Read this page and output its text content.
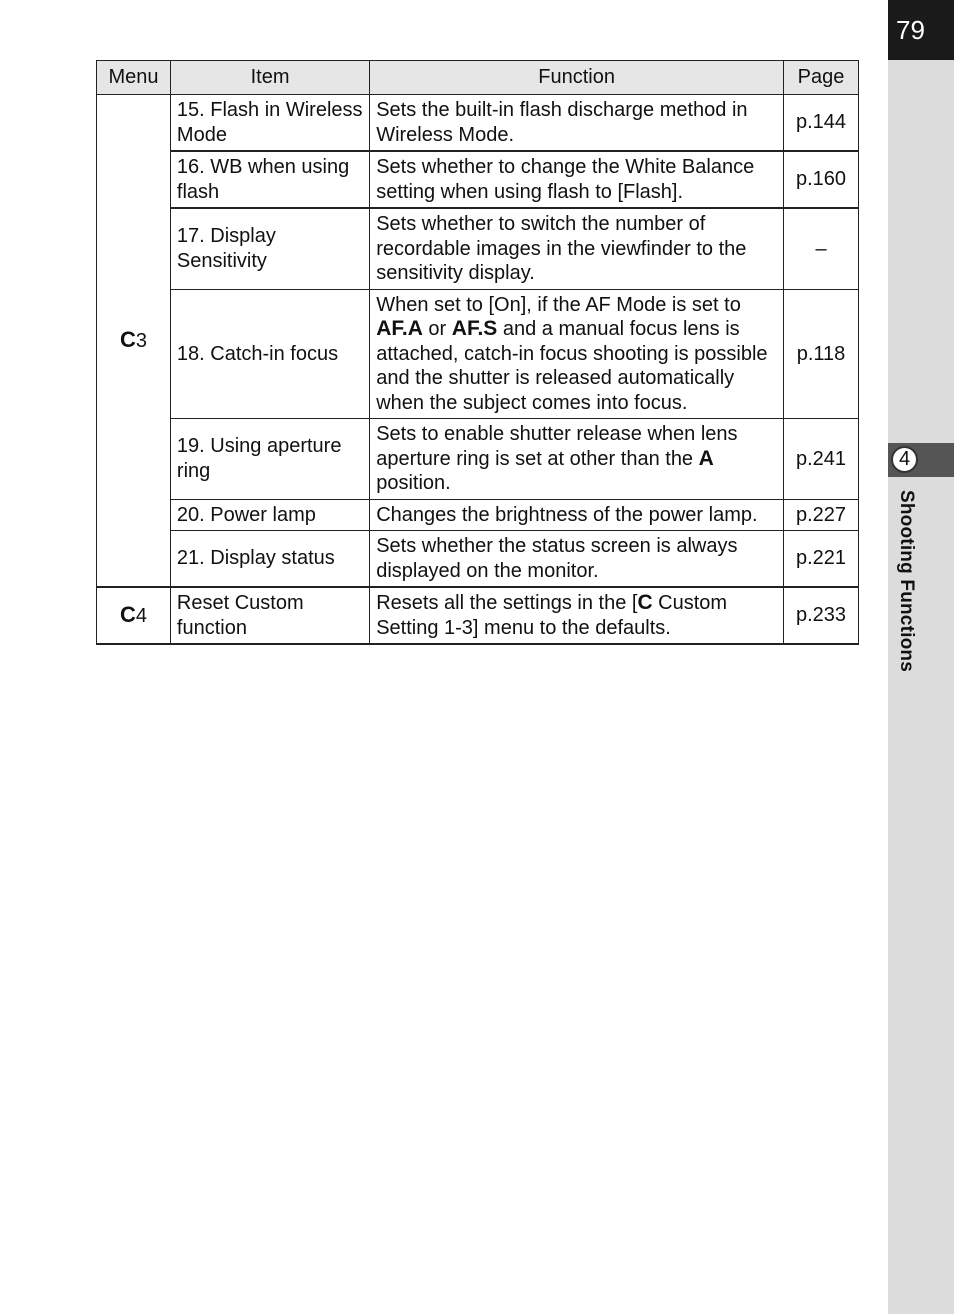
79
4
Shooting Functions
Menu	Item	Function	Page
C3	15. Flash in Wireless Mode	Sets the built-in flash discharge method in Wireless Mode.	p.144
	16. WB when using flash	Sets whether to change the White Balance setting when using flash to [Flash].	p.160
	17. Display Sensitivity	Sets whether to switch the number of recordable images in the viewfinder to the sensitivity display.	–
	18. Catch-in focus	When set to [On], if the AF Mode is set to AF.A or AF.S and a manual focus lens is attached, catch-in focus shooting is possible and the shutter is released automatically when the subject comes into focus.	p.118
	19. Using aperture ring	Sets to enable shutter release when lens aperture ring is set at other than the A position.	p.241
	20. Power lamp	Changes the brightness of the power lamp.	p.227
	21. Display status	Sets whether the status screen is always displayed on the monitor.	p.221
C4	Reset Custom function	Resets all the settings in the [C Custom Setting 1-3] menu to the defaults.	p.233
